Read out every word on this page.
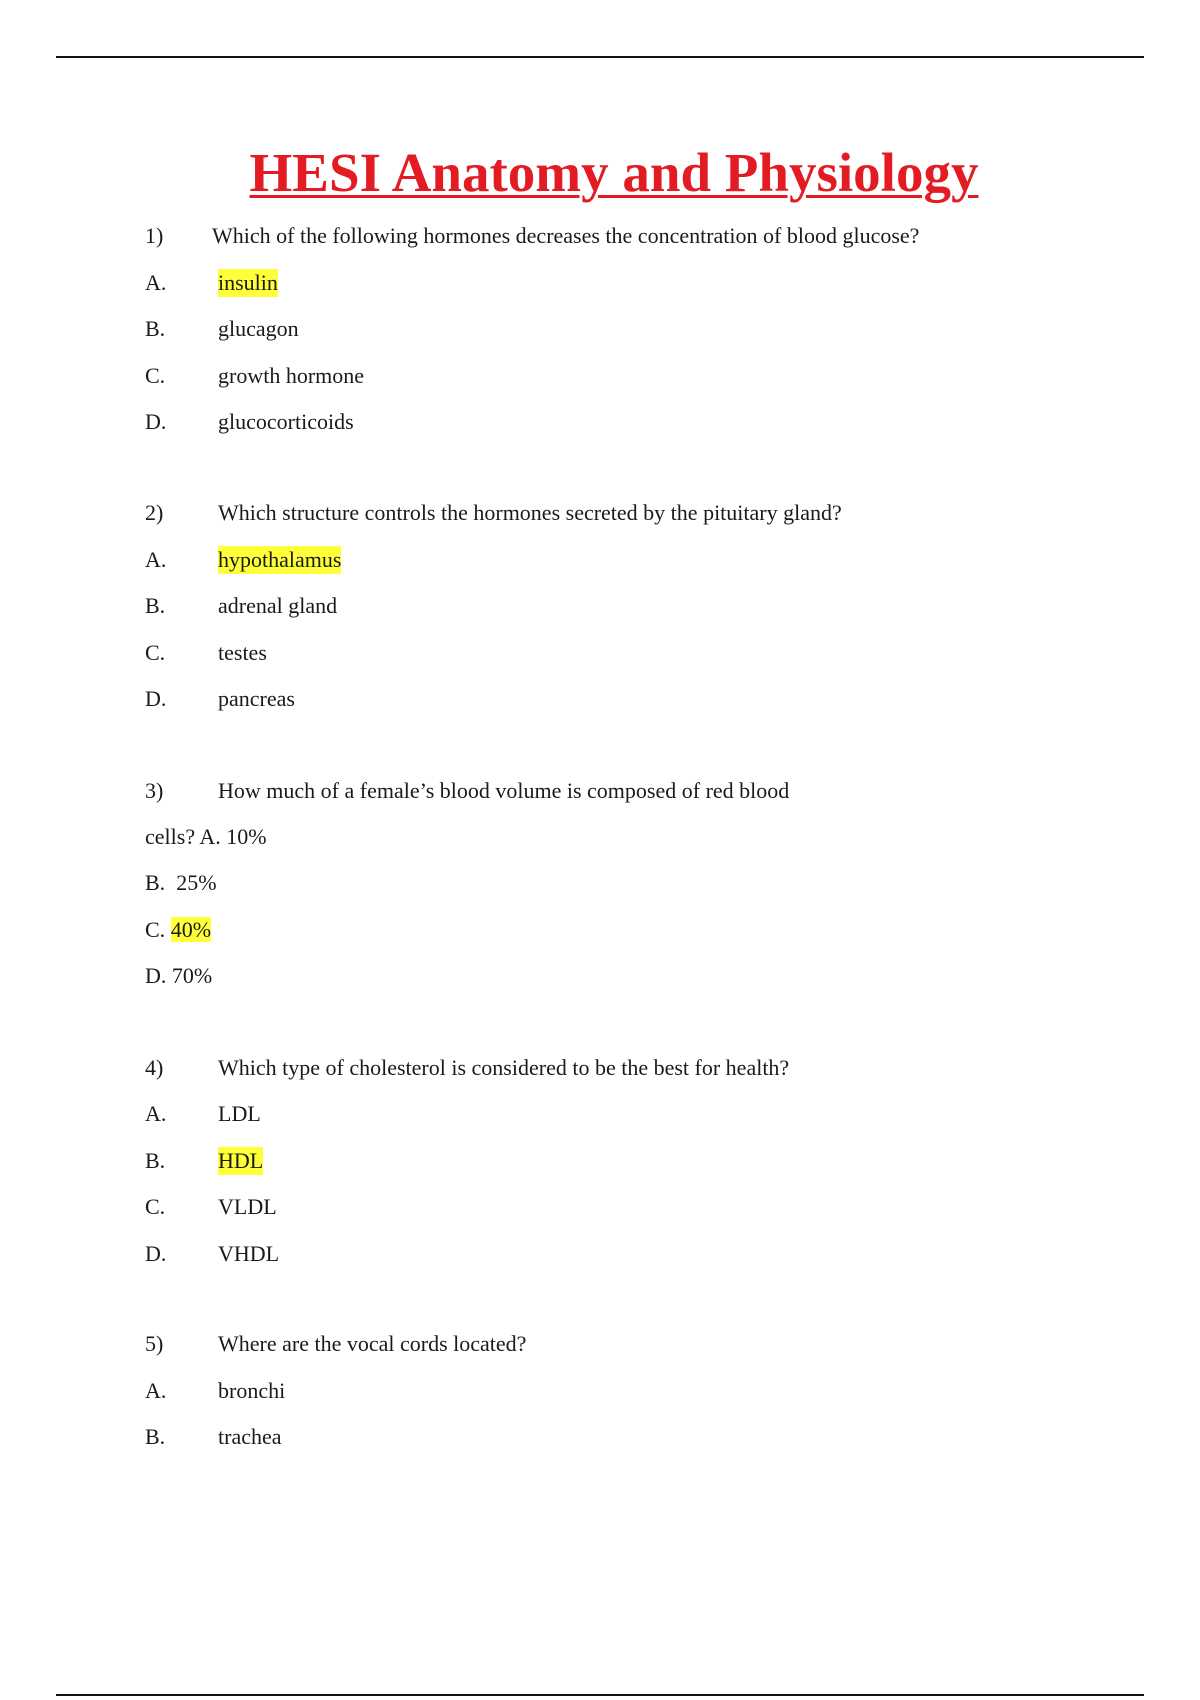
HESI Anatomy and Physiology
1) Which of the following hormones decreases the concentration of blood glucose?
A. insulin
B. glucagon
C. growth hormone
D. glucocorticoids
2) Which structure controls the hormones secreted by the pituitary gland?
A. hypothalamus
B. adrenal gland
C. testes
D. pancreas
3) How much of a female’s blood volume is composed of red blood
cells? A. 10%
B. 25%
C. 40%
D. 70%
4) Which type of cholesterol is considered to be the best for health?
A. LDL
B. HDL
C. VLDL
D. VHDL
5) Where are the vocal cords located?
A. bronchi
B. trachea
